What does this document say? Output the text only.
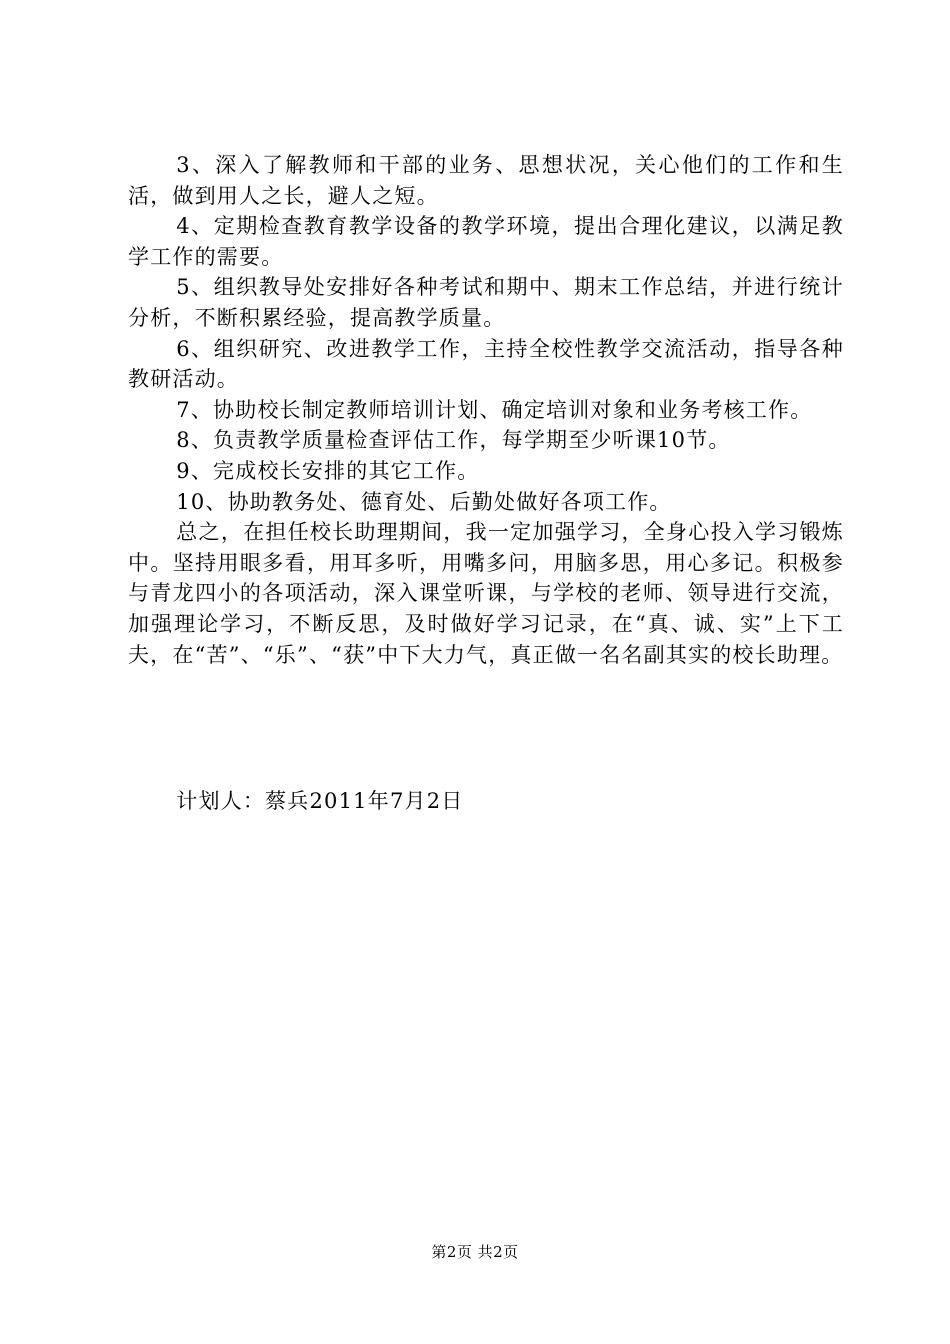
3、深入了解教师和干部的业务、思想状况，关心他们的工作和生活，做到用人之长，避人之短。

4、定期检查教育教学设备的教学环境，提出合理化建议，以满足教学工作的需要。

5、组织教导处安排好各种考试和期中、期末工作总结，并进行统计分析，不断积累经验，提高教学质量。

6、组织研究、改进教学工作，主持全校性教学交流活动，指导各种教研活动。

7、协助校长制定教师培训计划、确定培训对象和业务考核工作。

8、负责教学质量检查评估工作，每学期至少听课10节。

9、完成校长安排的其它工作。

10、协助教务处、德育处、后勤处做好各项工作。

总之，在担任校长助理期间，我一定加强学习，全身心投入学习锻炼中。坚持用眼多看，用耳多听，用嘴多问，用脑多思，用心多记。积极参与青龙四小的各项活动，深入课堂听课，与学校的老师、领导进行交流，加强理论学习，不断反思，及时做好学习记录，在“真、诚、实”上下工夫，在“苦”、“乐”、“获”中下大力气，真正做一名名副其实的校长助理。

计划人：蔡兵2011年7月2日

第2页 共2页
